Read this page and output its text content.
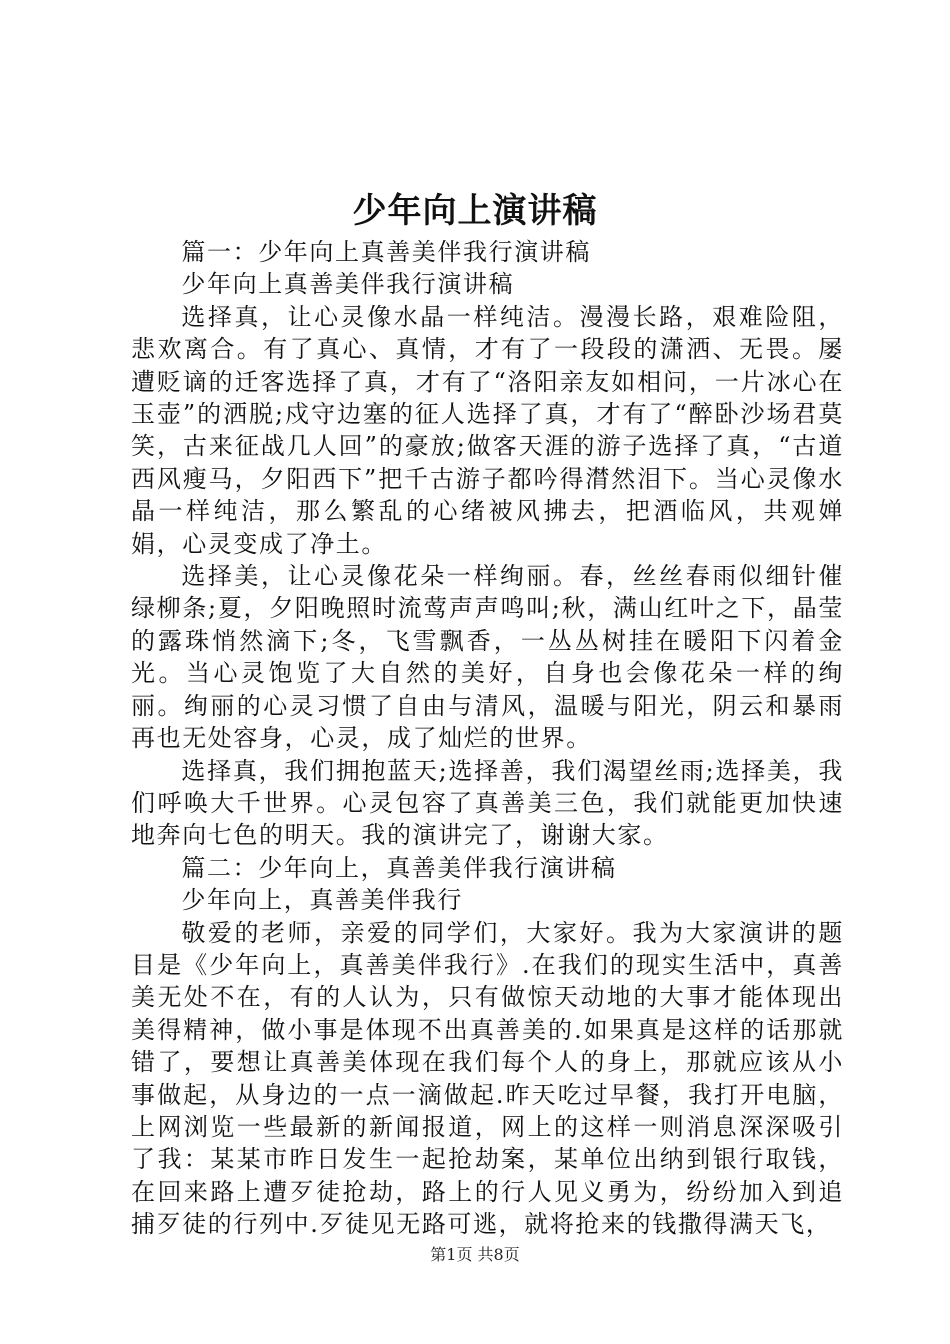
少年向上演讲稿

篇一：少年向上真善美伴我行演讲稿

少年向上真善美伴我行演讲稿

选择真，让心灵像水晶一样纯洁。漫漫长路，艰难险阻，悲欢离合。有了真心、真情，才有了一段段的潇洒、无畏。屡遭贬谪的迁客选择了真，才有了“洛阳亲友如相问，一片冰心在玉壶”的洒脱;戍守边塞的征人选择了真，才有了“醉卧沙场君莫笑，古来征战几人回”的豪放;做客天涯的游子选择了真，“古道西风瘦马，夕阳西下”把千古游子都吟得潸然泪下。当心灵像水晶一样纯洁，那么繁乱的心绪被风拂去，把酒临风，共观婵娟，心灵变成了净土。

选择美，让心灵像花朵一样绚丽。春，丝丝春雨似细针催绿柳条;夏，夕阳晚照时流莺声声鸣叫;秋，满山红叶之下，晶莹的露珠悄然滴下;冬，飞雪飘香，一丛丛树挂在暖阳下闪着金光。当心灵饱览了大自然的美好，自身也会像花朵一样的绚丽。绚丽的心灵习惯了自由与清风，温暖与阳光，阴云和暴雨再也无处容身，心灵，成了灿烂的世界。

选择真，我们拥抱蓝天;选择善，我们渴望丝雨;选择美，我们呼唤大千世界。心灵包容了真善美三色，我们就能更加快速地奔向七色的明天。我的演讲完了，谢谢大家。

篇二：少年向上，真善美伴我行演讲稿

少年向上，真善美伴我行

敬爱的老师，亲爱的同学们，大家好。我为大家演讲的题目是《少年向上，真善美伴我行》.在我们的现实生活中，真善美无处不在，有的人认为，只有做惊天动地的大事才能体现出美得精神，做小事是体现不出真善美的.如果真是这样的话那就错了，要想让真善美体现在我们每个人的身上，那就应该从小事做起，从身边的一点一滴做起.昨天吃过早餐，我打开电脑，上网浏览一些最新的新闻报道，网上的这样一则消息深深吸引了我：某某市昨日发生一起抢劫案，某单位出纳到银行取钱，在回来路上遭歹徒抢劫，路上的行人见义勇为，纷纷加入到追捕歹徒的行列中.歹徒见无路可逃，就将抢来的钱撒得满天飞，

第1页 共8页
